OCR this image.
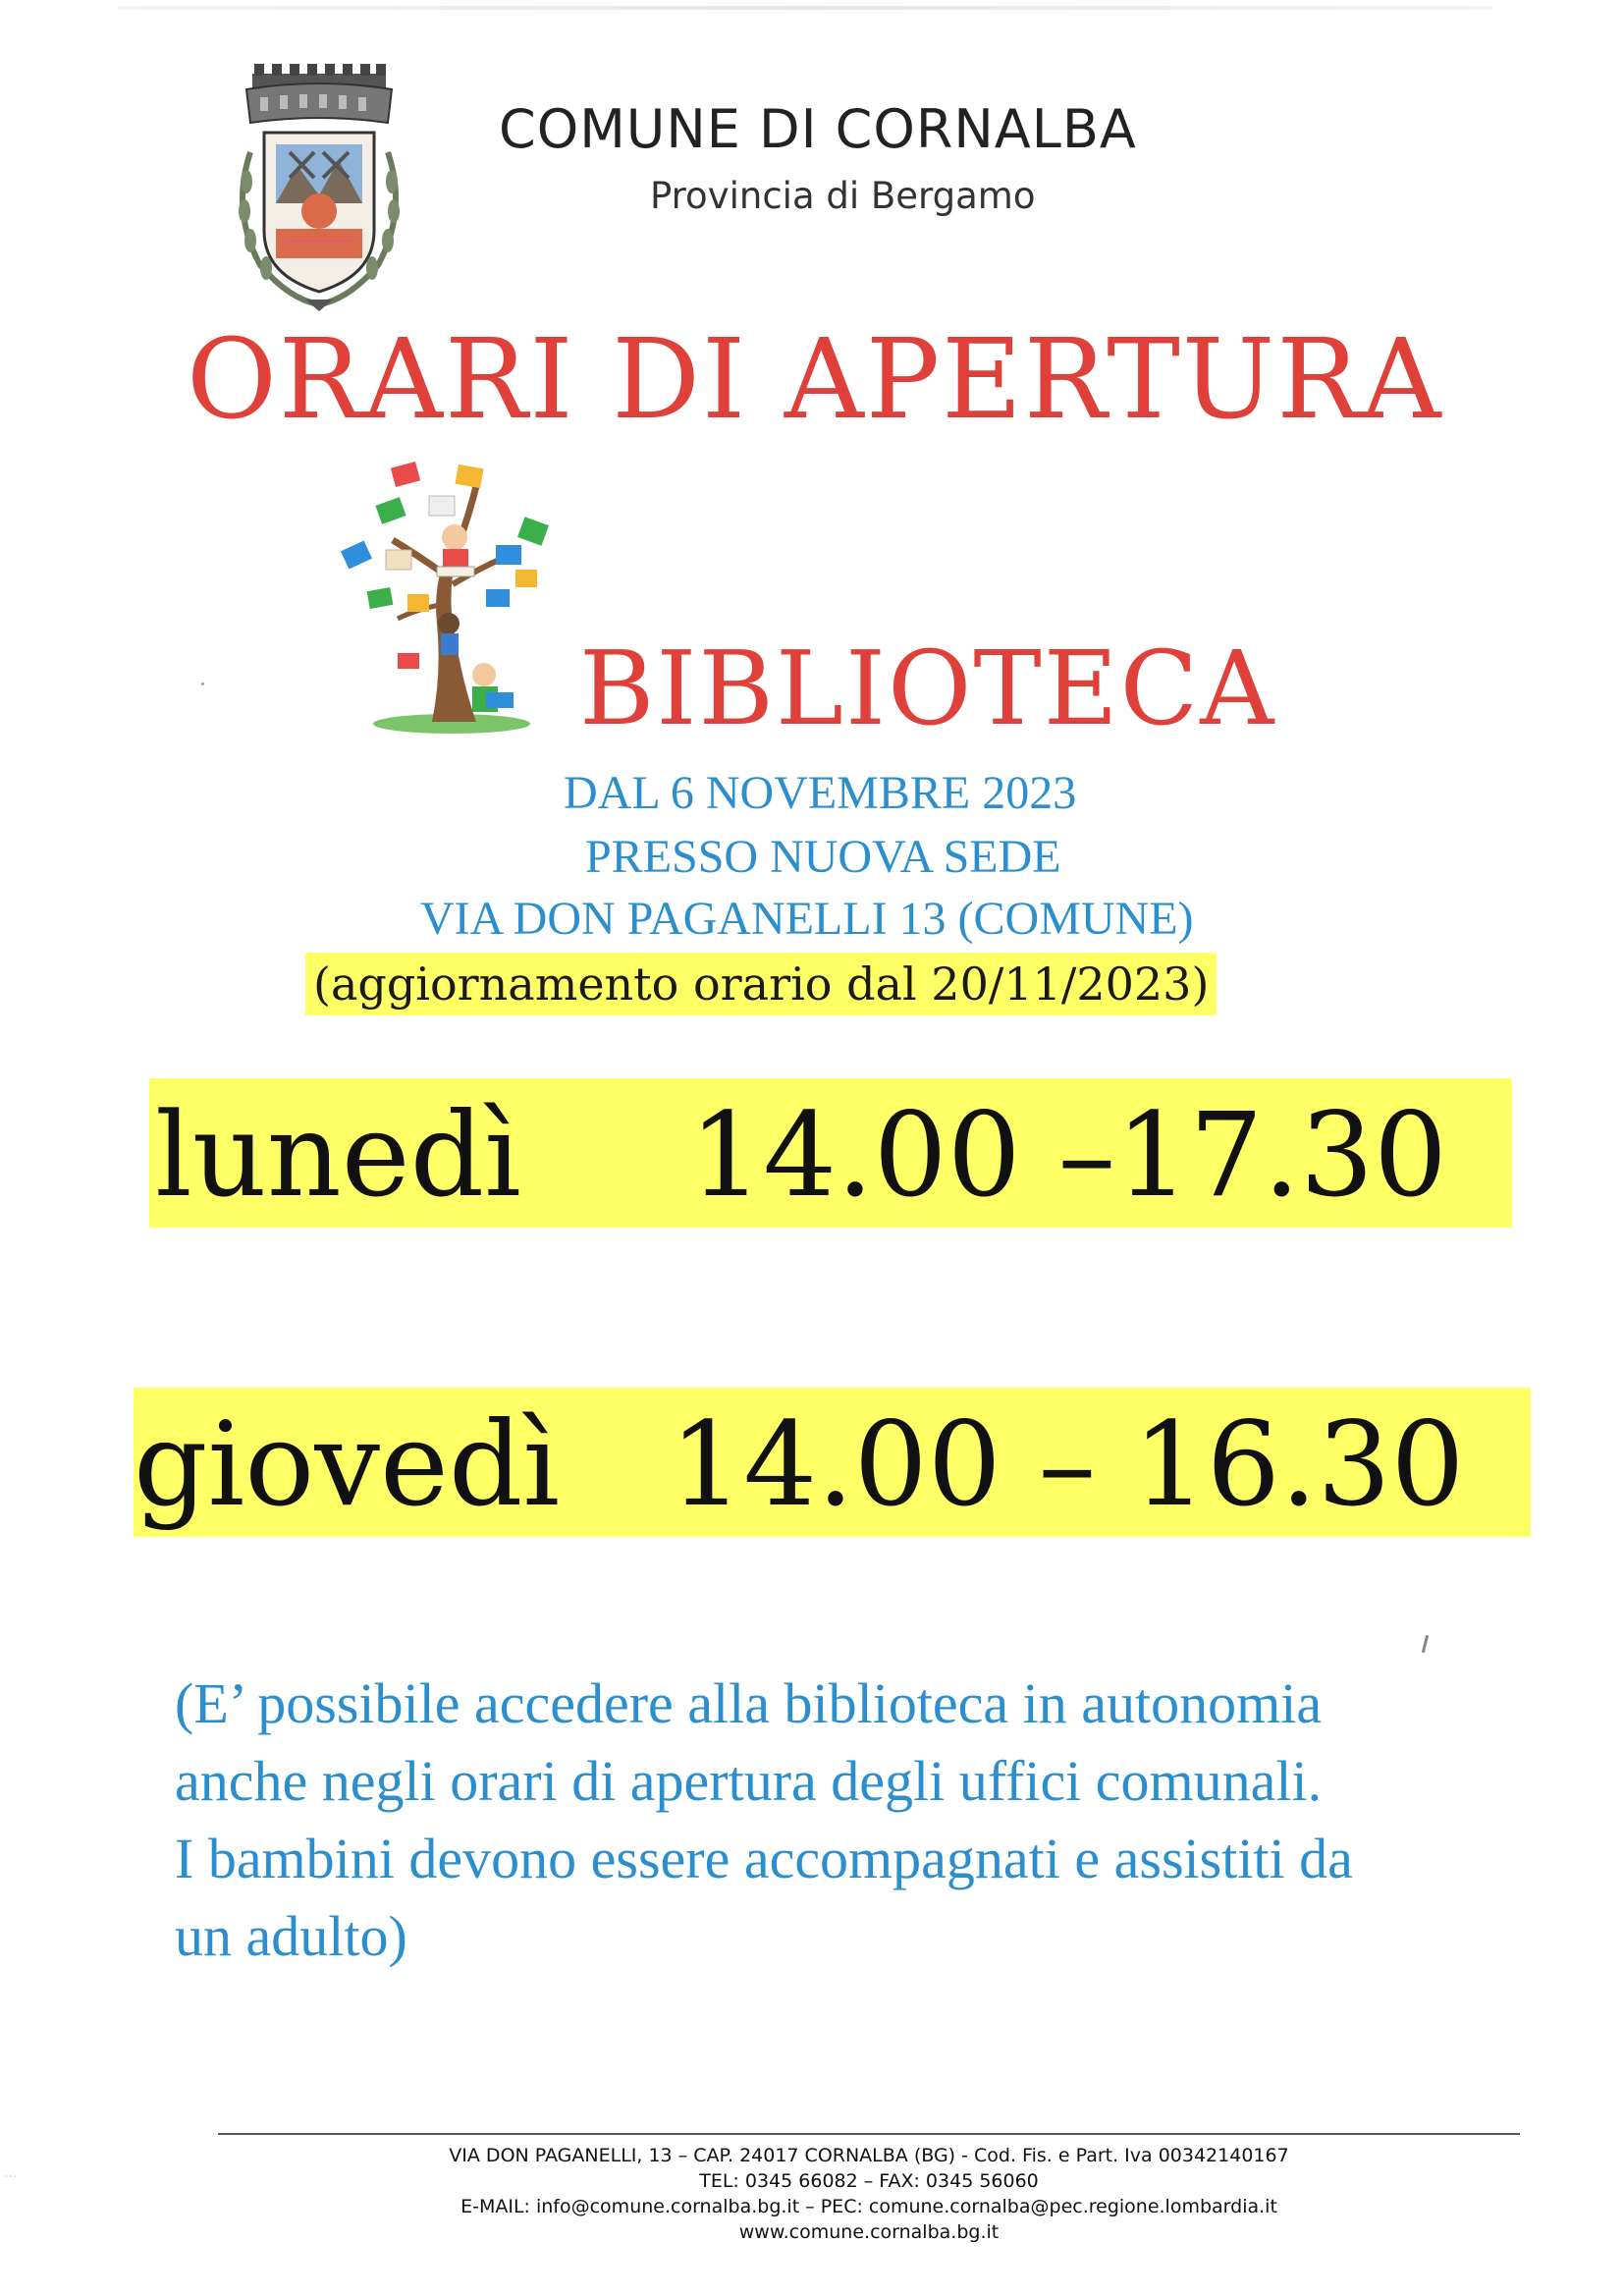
COMUNE DI CORNALBA
Provincia di Bergamo
ORARI DI APERTURA
BIBLIOTECA
DAL 6 NOVEMBRE 2023
PRESSO NUOVA SEDE
VIA DON PAGANELLI 13 (COMUNE)
(aggiornamento orario dal 20/11/2023)
lunedì 14.00 –17.30
giovedì 14.00 – 16.30
(E’ possibile accedere alla biblioteca in autonomia
anche negli orari di apertura degli uffici comunali.
I bambini devono essere accompagnati e assistiti da
un adulto)
...
VIA DON PAGANELLI, 13 – CAP. 24017 CORNALBA (BG) - Cod. Fis. e Part. Iva 00342140167
TEL: 0345 66082 – FAX: 0345 56060
E-MAIL: info@comune.cornalba.bg.it – PEC: comune.cornalba@pec.regione.lombardia.it
www.comune.cornalba.bg.it
